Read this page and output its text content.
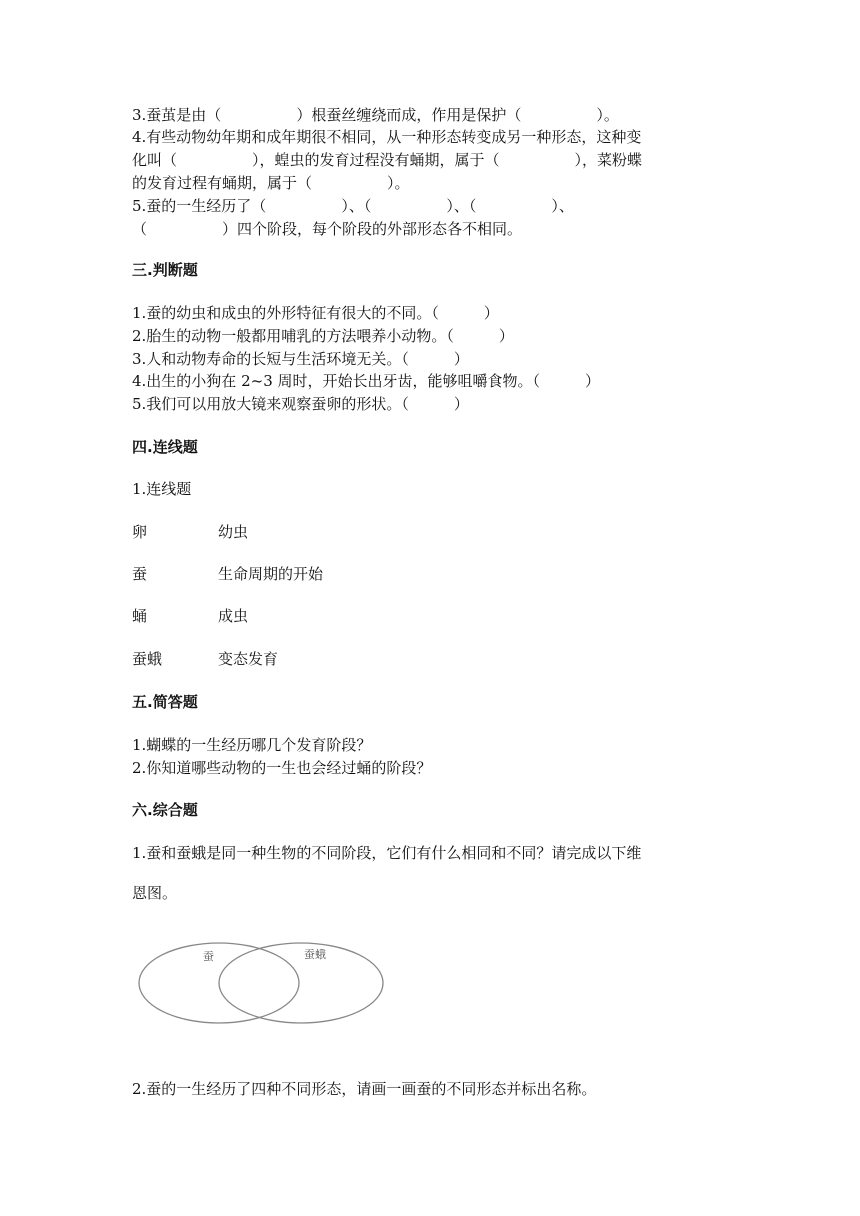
3.蚕茧是由（　　　　　）根蚕丝缠绕而成，作用是保护（　　　　　）。
4.有些动物幼年期和成年期很不相同，从一种形态转变成另一种形态，这种变
化叫（　　　　　），蝗虫的发育过程没有蛹期，属于（　　　　　），菜粉蝶
的发育过程有蛹期，属于（　　　　　）。
5.蚕的一生经历了（　　　　　）、（　　　　　）、（　　　　　）、
（　　　　　）四个阶段，每个阶段的外部形态各不相同。
三.判断题
1.蚕的幼虫和成虫的外形特征有很大的不同。（　　　）
2.胎生的动物一般都用哺乳的方法喂养小动物。（　　　）
3.人和动物寿命的长短与生活环境无关。（　　　）
4.出生的小狗在 2~3 周时，开始长出牙齿，能够咀嚼食物。（　　　）
5.我们可以用放大镜来观察蚕卵的形状。（　　　）
四.连线题
1.连线题
卵	幼虫
蚕	生命周期的开始
蛹	成虫
蚕蛾	变态发育
五.简答题
1.蝴蝶的一生经历哪几个发育阶段？
2.你知道哪些动物的一生也会经过蛹的阶段？
六.综合题
1.蚕和蚕蛾是同一种生物的不同阶段，它们有什么相同和不同？请完成以下维
恩图。
蚕	蚕蛾
2.蚕的一生经历了四种不同形态，请画一画蚕的不同形态并标出名称。
